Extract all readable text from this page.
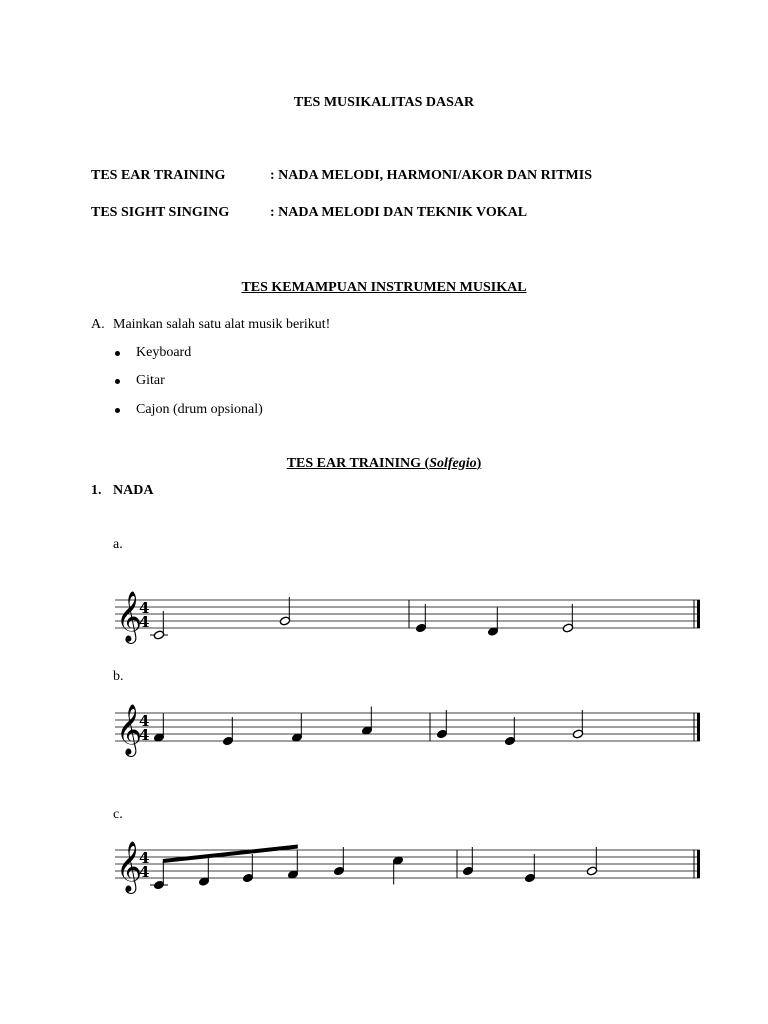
TES MUSIKALITAS DASAR
TES EAR TRAINING	: NADA MELODI, HARMONI/AKOR DAN RITMIS
TES SIGHT SINGING	: NADA MELODI DAN TEKNIK VOKAL
TES KEMAMPUAN INSTRUMEN MUSIKAL
A. Mainkan salah satu alat musik berikut!
Keyboard
Gitar
Cajon (drum opsional)
TES EAR TRAINING (Solfegio)
1. NADA
a.
b.
c.
𝄞
4
4
𝄞
4
4
𝄞
4
4
